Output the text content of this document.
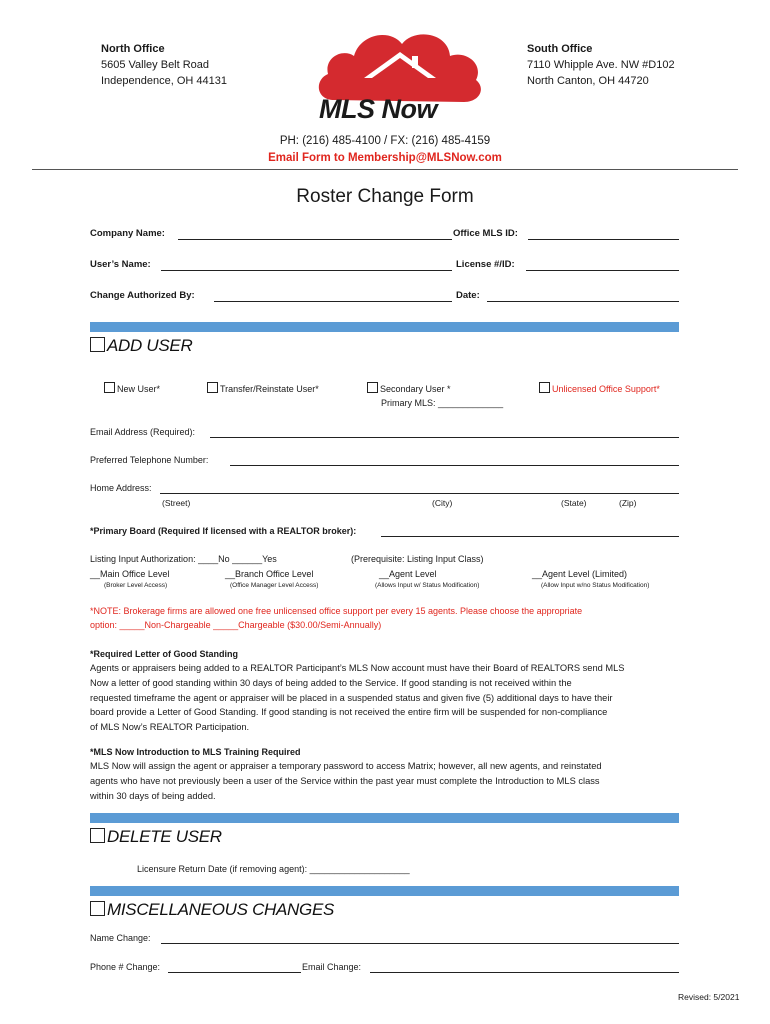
North Office
5605 Valley Belt Road
Independence, OH 44131
South Office
7110 Whipple Ave. NW #D102
North Canton, OH 44720
MLS Now
PH: (216) 485-4100 / FX: (216) 485-4159
Email Form to Membership@MLSNow.com
Roster Change Form
Company Name:	Office MLS ID:
User’s Name:	License #/ID:
Change Authorized By:	Date:
ADD USER
New User*	Transfer/Reinstate User*	Secondary User *
Primary MLS: _____________
Unlicensed Office Support*
Email Address (Required):
Preferred Telephone Number:
Home Address:
(Street)	(City)	(State)	(Zip)
*Primary Board (Required If licensed with a REALTOR broker):
Listing Input Authorization: ____No ______Yes	(Prerequisite: Listing Input Class)
__Main Office Level
(Broker Level Access)
__Branch Office Level
(Office Manager Level Access)
__Agent Level
(Allows Input w/ Status Modification)
__Agent Level (Limited)
(Allow Input w/no Status Modification)
*NOTE: Brokerage firms are allowed one free unlicensed office support per every 15 agents. Please choose the appropriate
option: _____Non-Chargeable _____Chargeable ($30.00/Semi-Annually)
*Required Letter of Good Standing
Agents or appraisers being added to a REALTOR Participant’s MLS Now account must have their Board of REALTORS send MLS
Now a letter of good standing within 30 days of being added to the Service. If good standing is not received within the
requested timeframe the agent or appraiser will be placed in a suspended status and given five (5) additional days to have their
board provide a Letter of Good Standing. If good standing is not received the entire firm will be suspended for non-compliance
of MLS Now’s REALTOR Participation.
*MLS Now Introduction to MLS Training Required
MLS Now will assign the agent or appraiser a temporary password to access Matrix; however, all new agents, and reinstated
agents who have not previously been a user of the Service within the past year must complete the Introduction to MLS class
within 30 days of being added.
DELETE USER
Licensure Return Date (if removing agent): ____________________
MISCELLANEOUS CHANGES
Name Change:
Phone # Change:	Email Change:
Revised: 5/2021
